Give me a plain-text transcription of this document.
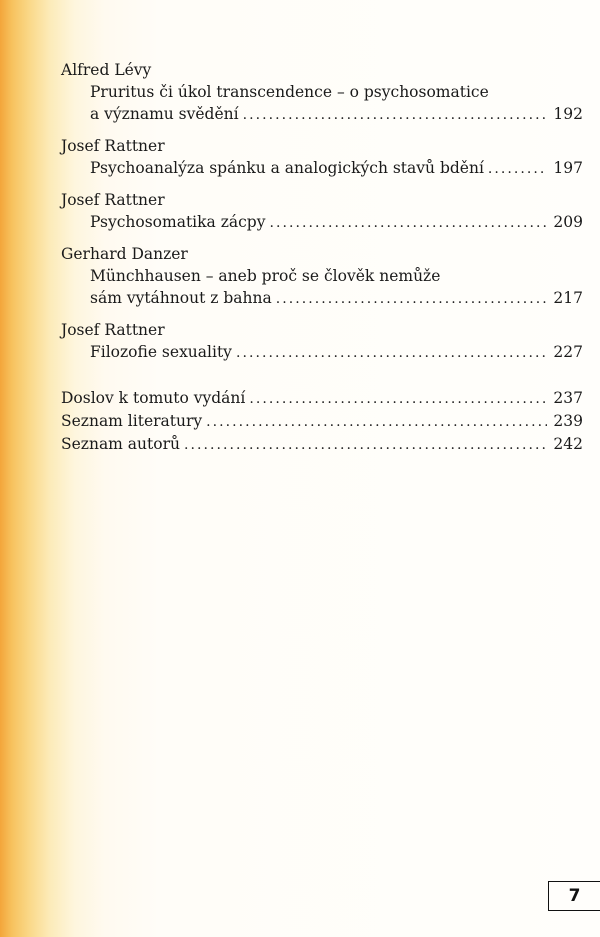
Alfred Lévy
Pruritus či úkol transcendence – o psychosomatice
a významu svědění . . .	192
Josef Rattner
Psychoanalýza spánku a analogických stavů bdění . . .	197
Josef Rattner
Psychosomatika zácpy . . .	209
Gerhard Danzer
Münchhausen – aneb proč se člověk nemůže
sám vytáhnout z bahna . . .	217
Josef Rattner
Filozofie sexuality . . .	227
Doslov k tomuto vydání . . .	237
Seznam literatury . . .	239
Seznam autorů . . .	242
7
